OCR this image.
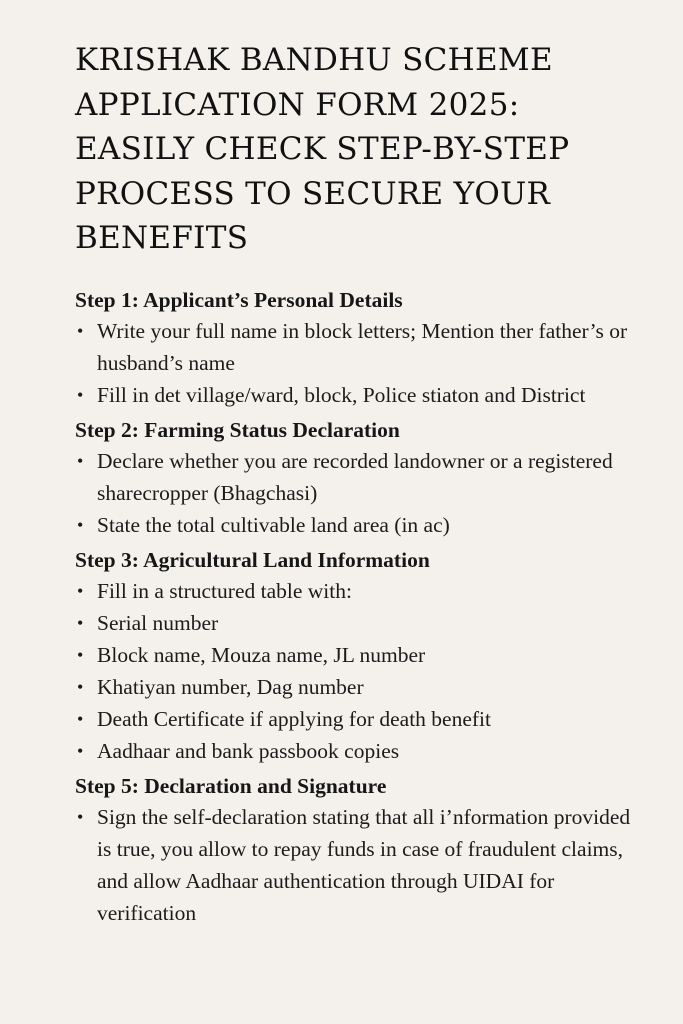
KRISHAK BANDHU SCHEME APPLICATION FORM 2025: EASILY CHECK STEP-BY-STEP PROCESS TO SECURE YOUR BENEFITS
Step 1: Applicant’s Personal Details
• Write your full name in block letters; Mention ther father’s or husband’s name
• Fill in det village/ward, block, Police stiaton and District
Step 2: Farming Status Declaration
• Declare whether you are recorded landowner or a registered sharecropper (Bhagchasi)
• State the total cultivable land area (in ac)
Step 3: Agricultural Land Information
• Fill in a structured table with:
• Serial number
• Block name, Mouza name, JL number
• Khatiyan number, Dag number
• Death Certificate if applying for death benefit
• Aadhaar and bank passbook copies
Step 5: Declaration and Signature
• Sign the self-declaration stating that all i’nformation provided is true, you allow to repay funds in case of fraudulent claims, and allow Aadhaar authentication through UIDAI for verification
